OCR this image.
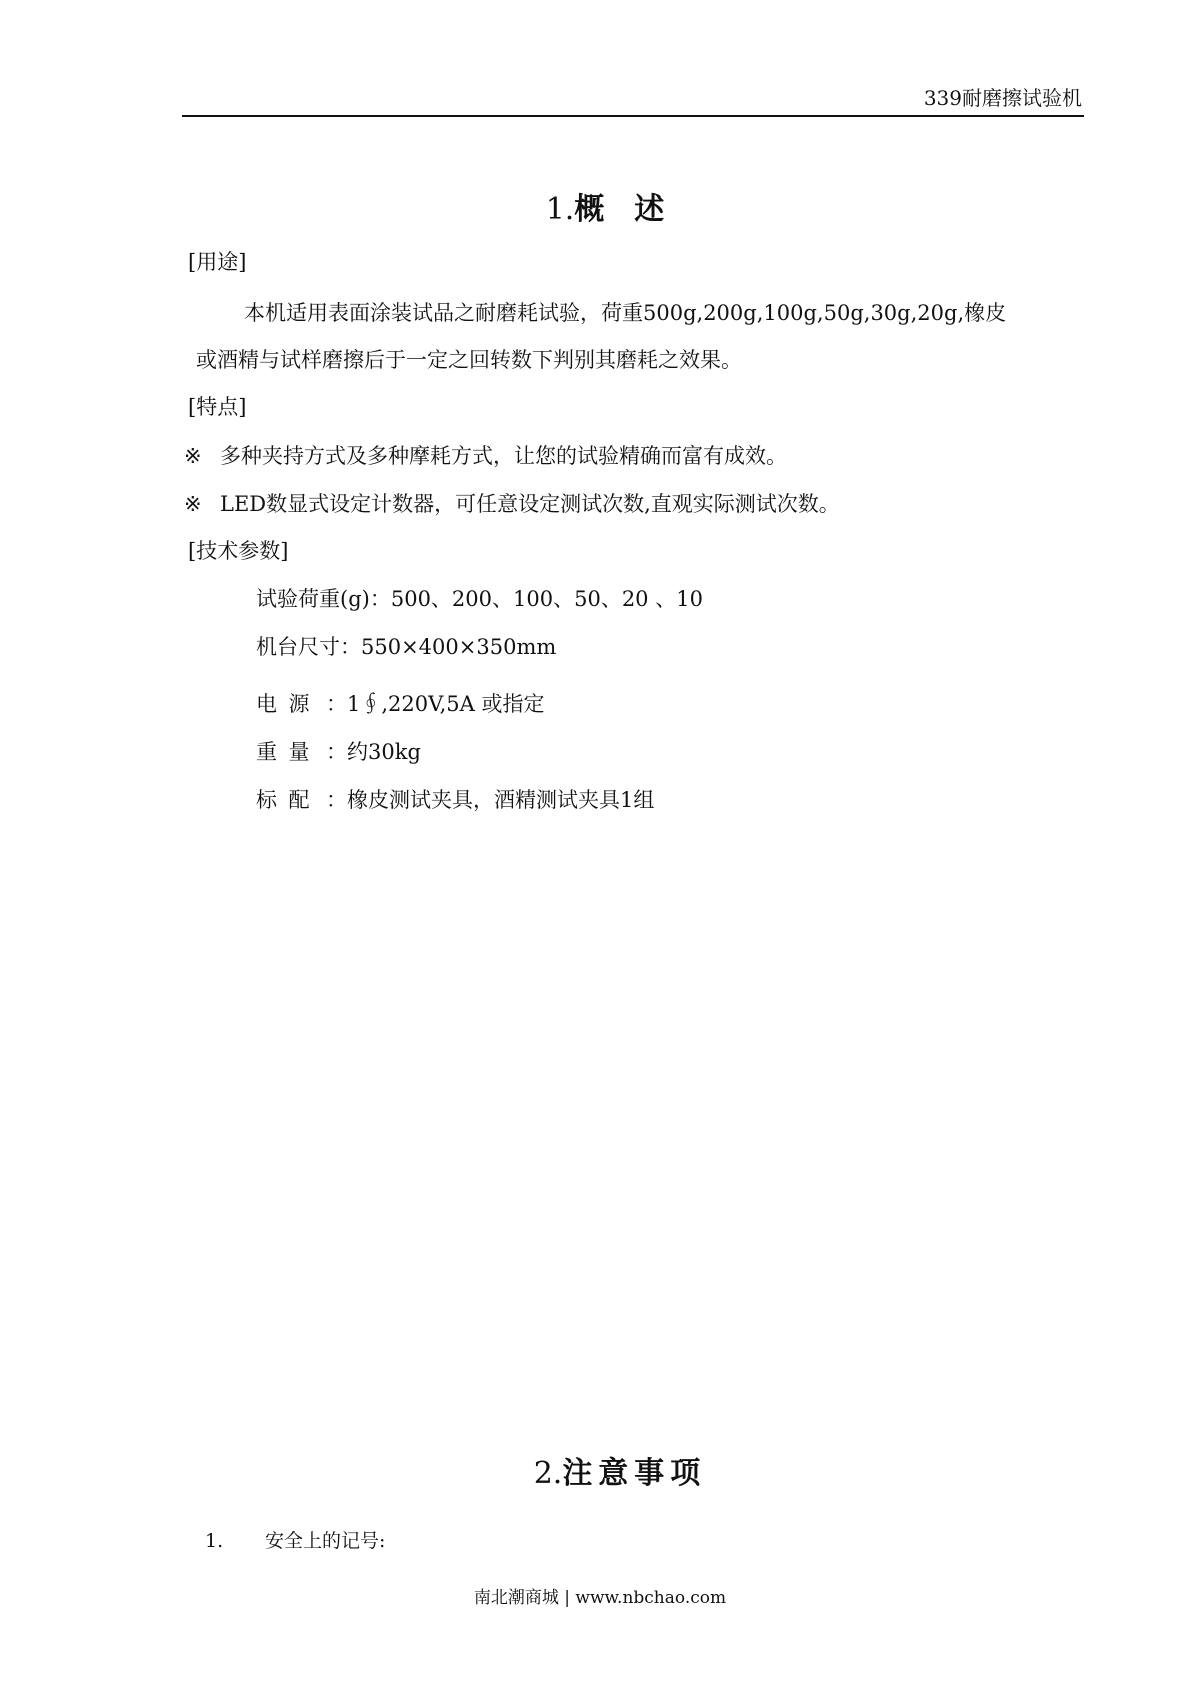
339耐磨擦试验机
1.概述
[用途]
本机适用表面涂装试品之耐磨耗试验，荷重500g,200g,100g,50g,30g,20g,橡皮
或酒精与试样磨擦后于一定之回转数下判别其磨耗之效果。
[特点]
※ 多种夹持方式及多种摩耗方式，让您的试验精确而富有成效。
※ LED数显式设定计数器，可任意设定测试次数,直观实际测试次数。
[技术参数]
试验荷重(g)：500、200、100、50、20 、10
机台尺寸：550×400×350mm
电源 ：1∮,220V,5A 或指定
重量 ：约30kg
标配 ：橡皮测试夹具，酒精测试夹具1组
2.注意事项
1. 安全上的记号:
南北潮商城 | www.nbchao.com
